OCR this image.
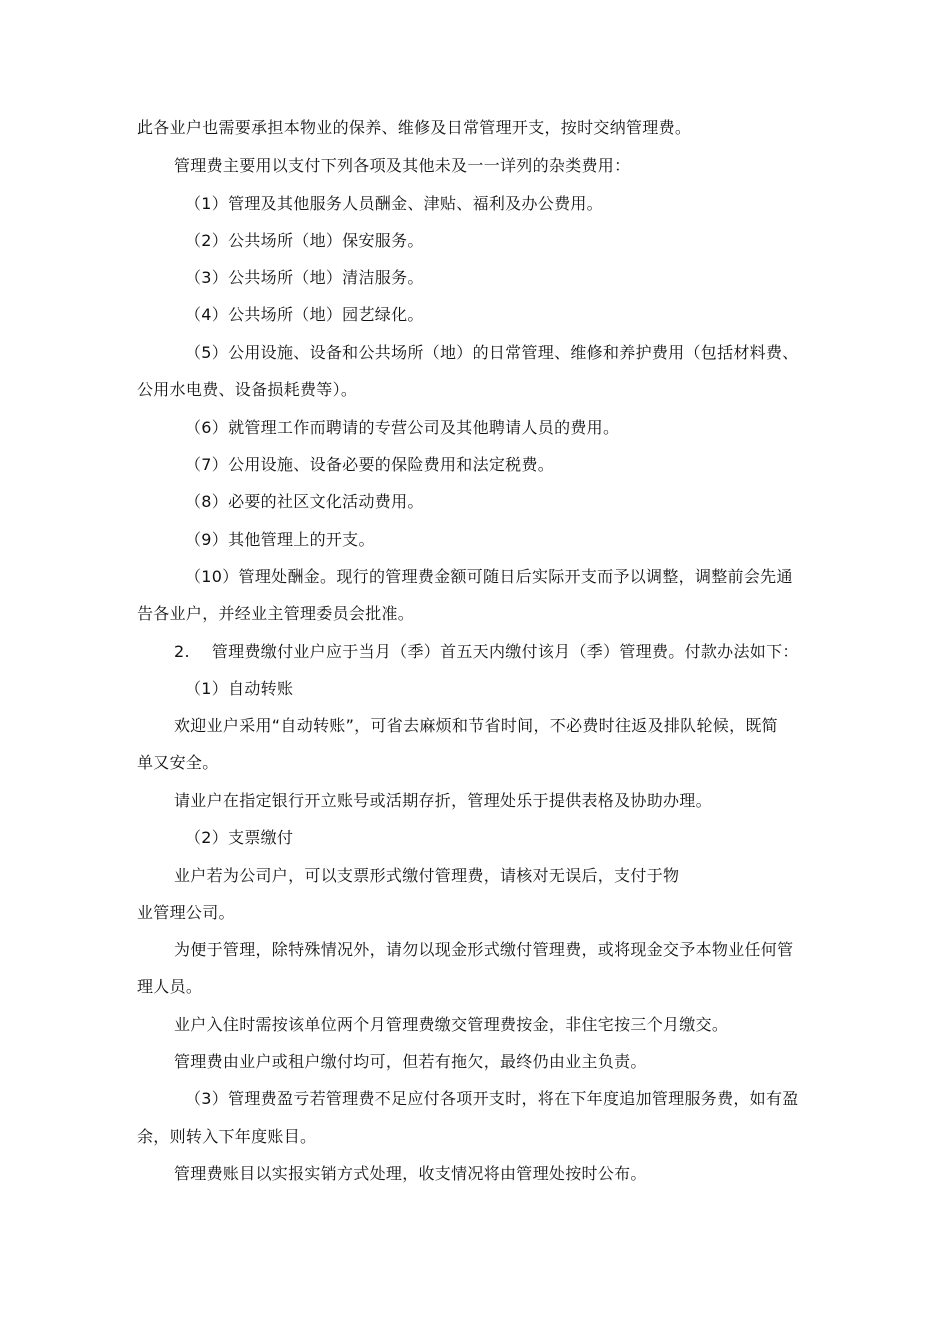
此各业户也需要承担本物业的保养、维修及日常管理开支，按时交纳管理费。
管理费主要用以支付下列各项及其他未及一一详列的杂类费用：
（1）管理及其他服务人员酬金、津贴、福利及办公费用。
（2）公共场所（地）保安服务。
（3）公共场所（地）清洁服务。
（4）公共场所（地）园艺绿化。
（5）公用设施、设备和公共场所（地）的日常管理、维修和养护费用（包括材料费、
公用水电费、设备损耗费等）。
（6）就管理工作而聘请的专营公司及其他聘请人员的费用。
（7）公用设施、设备必要的保险费用和法定税费。
（8）必要的社区文化活动费用。
（9）其他管理上的开支。
（10）管理处酬金。现行的管理费金额可随日后实际开支而予以调整，调整前会先通
告各业户，并经业主管理委员会批准。
2. 管理费缴付业户应于当月（季）首五天内缴付该月（季）管理费。付款办法如下：
（1）自动转账
欢迎业户采用“自动转账”，可省去麻烦和节省时间，不必费时往返及排队轮候，既简
单又安全。
请业户在指定银行开立账号或活期存折，管理处乐于提供表格及协助办理。
（2）支票缴付
业户若为公司户，可以支票形式缴付管理费，请核对无误后，支付于物
业管理公司。
为便于管理，除特殊情况外，请勿以现金形式缴付管理费，或将现金交予本物业任何管
理人员。
业户入住时需按该单位两个月管理费缴交管理费按金，非住宅按三个月缴交。
管理费由业户或租户缴付均可，但若有拖欠，最终仍由业主负责。
（3）管理费盈亏若管理费不足应付各项开支时，将在下年度追加管理服务费，如有盈
余，则转入下年度账目。
管理费账目以实报实销方式处理，收支情况将由管理处按时公布。
